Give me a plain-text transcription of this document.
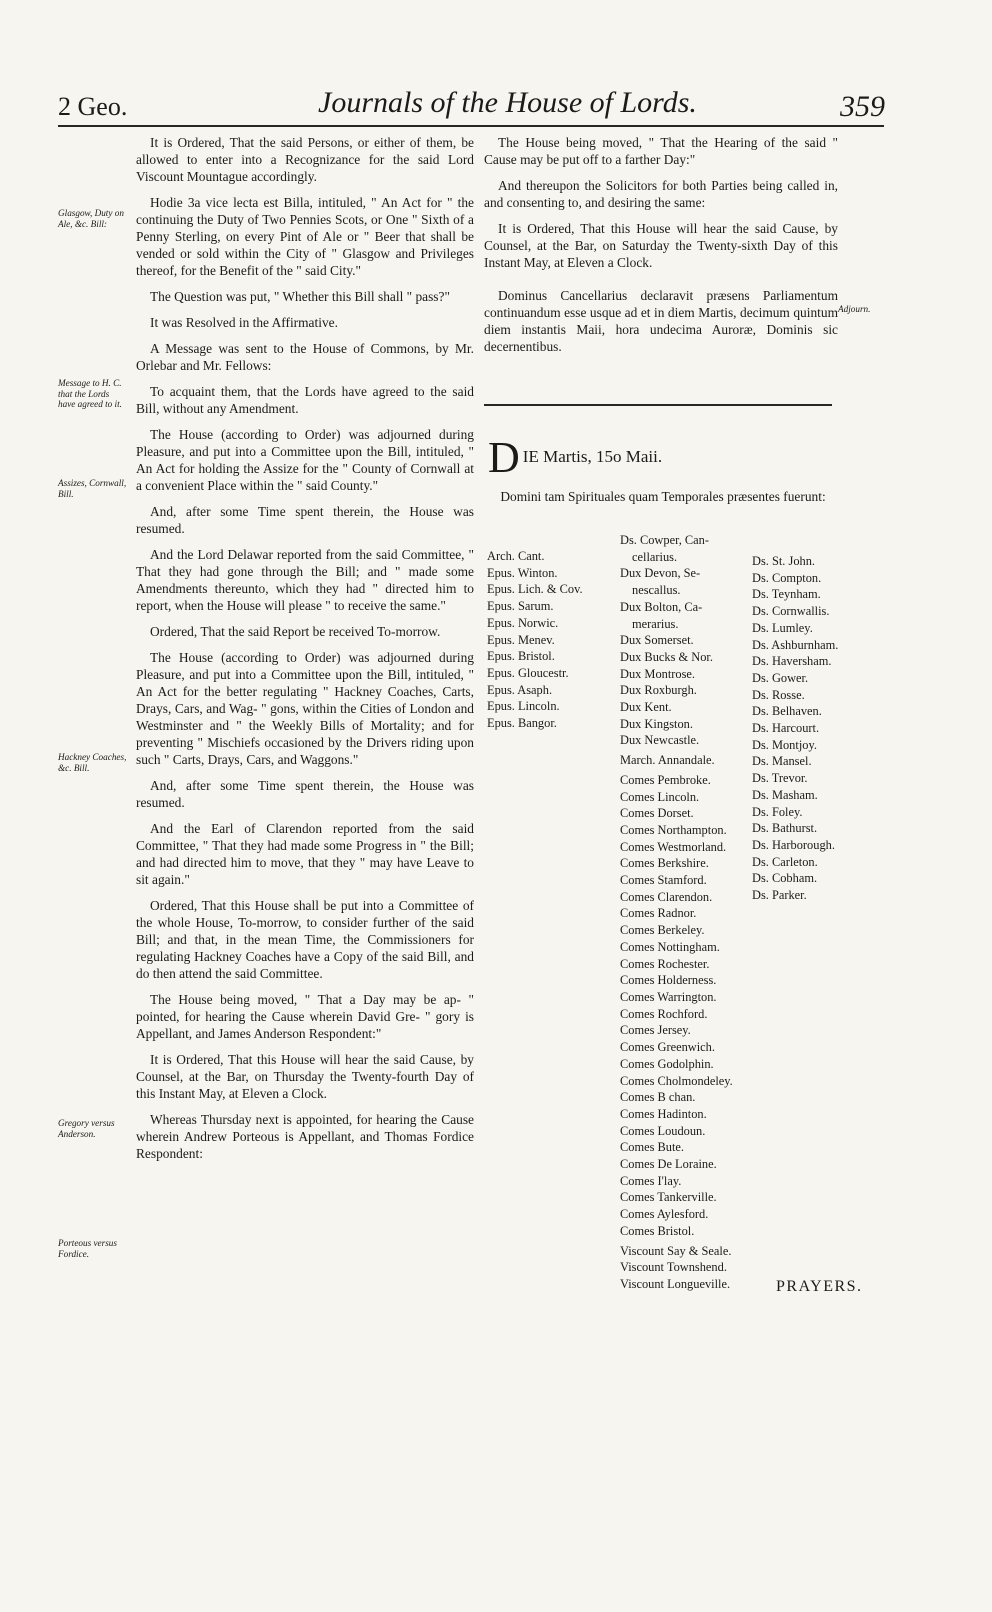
2 Geo.	Journals of the House of Lords.	359

It is Ordered, That the said Persons, or either of them, be allowed to enter into a Recognizance for the said Lord Viscount Mountague accordingly.

Hodie 3a vice lecta est Billa, intituled, " An Act for " the continuing the Duty of Two Pennies Scots, or One " Sixth of a Penny Sterling, on every Pint of Ale or " Beer that shall be vended or sold within the City of " Glasgow and Privileges thereof, for the Benefit of the " said City."

The Question was put, " Whether this Bill shall " pass?"

It was Resolved in the Affirmative.

A Message was sent to the House of Commons, by Mr. Orlebar and Mr. Fellows:

To acquaint them, that the Lords have agreed to the said Bill, without any Amendment.

The House (according to Order) was adjourned during Pleasure, and put into a Committee upon the Bill, intituled, " An Act for holding the Assize for the " County of Cornwall at a convenient Place within the " said County."

And, after some Time spent therein, the House was resumed.

And the Lord Delawar reported from the said Committee, " That they had gone through the Bill; and " made some Amendments thereunto, which they had " directed him to report, when the House will please " to receive the same."

Ordered, That the said Report be received To-morrow.

The House (according to Order) was adjourned during Pleasure, and put into a Committee upon the Bill, intituled, " An Act for the better regulating " Hackney Coaches, Carts, Drays, Cars, and Wag- " gons, within the Cities of London and Westminster and " the Weekly Bills of Mortality; and for preventing " Mischiefs occasioned by the Drivers riding upon such " Carts, Drays, Cars, and Waggons."

And, after some Time spent therein, the House was resumed.

And the Earl of Clarendon reported from the said Committee, " That they had made some Progress in " the Bill; and had directed him to move, that they " may have Leave to sit again."

Ordered, That this House shall be put into a Committee of the whole House, To-morrow, to consider further of the said Bill; and that, in the mean Time, the Commissioners for regulating Hackney Coaches have a Copy of the said Bill, and do then attend the said Committee.

The House being moved, " That a Day may be ap- " pointed, for hearing the Cause wherein David Gre- " gory is Appellant, and James Anderson Respondent:"

It is Ordered, That this House will hear the said Cause, by Counsel, at the Bar, on Thursday the Twenty-fourth Day of this Instant May, at Eleven a Clock.

Whereas Thursday next is appointed, for hearing the Cause wherein Andrew Porteous is Appellant, and Thomas Fordice Respondent:

Glasgow, Duty on Ale, &c. Bill:
Message to H. C. that the Lords have agreed to it.
Assizes, Cornwall, Bill.
Hackney Coaches, &c. Bill.
Gregory versus Anderson.
Porteous versus Fordice.

The House being moved, " That the Hearing of the said " Cause may be put off to a farther Day:"

And thereupon the Solicitors for both Parties being called in, and consenting to, and desiring the same:

It is Ordered, That this House will hear the said Cause, by Counsel, at the Bar, on Saturday the Twenty-sixth Day of this Instant May, at Eleven a Clock.

Dominus Cancellarius declaravit præsens Parliamentum continuandum esse usque ad et in diem Martis, decimum quintum diem instantis Maii, hora undecima Auroræ, Dominis sic decernentibus.

Adjourn.
DIE Martis, 15o Maii.
Domini tam Spirituales quam Temporales præsentes fuerunt:
Arch. Cant.
Epus. Winton.
Epus. Lich. & Cov.
Epus. Sarum.
Epus. Norwic.
Epus. Menev.
Epus. Bristol.
Epus. Gloucestr.
Epus. Asaph.
Epus. Lincoln.
Epus. Bangor.
Ds. Cowper, Can-
cellarius.
Dux Devon, Se-
nescallus.
Dux Bolton, Ca-
merarius.
Dux Somerset.
Dux Bucks & Nor.
Dux Montrose.
Dux Roxburgh.
Dux Kent.
Dux Kingston.
Dux Newcastle.
March. Annandale.
Comes Pembroke.
Comes Lincoln.
Comes Dorset.
Comes Northampton.
Comes Westmorland.
Comes Berkshire.
Comes Stamford.
Comes Clarendon.
Comes Radnor.
Comes Berkeley.
Comes Nottingham.
Comes Rochester.
Comes Holderness.
Comes Warrington.
Comes Rochford.
Comes Jersey.
Comes Greenwich.
Comes Godolphin.
Comes Cholmondeley.
Comes B chan.
Comes Hadinton.
Comes Loudoun.
Comes Bute.
Comes De Loraine.
Comes I'lay.
Comes Tankerville.
Comes Aylesford.
Comes Bristol.
Viscount Say & Seale.
Viscount Townshend.
Viscount Longueville.
Ds. St. John.
Ds. Compton.
Ds. Teynham.
Ds. Cornwallis.
Ds. Lumley.
Ds. Ashburnham.
Ds. Haversham.
Ds. Gower.
Ds. Rosse.
Ds. Belhaven.
Ds. Harcourt.
Ds. Montjoy.
Ds. Mansel.
Ds. Trevor.
Ds. Masham.
Ds. Foley.
Ds. Bathurst.
Ds. Harborough.
Ds. Carleton.
Ds. Cobham.
Ds. Parker.
PRAYERS.
